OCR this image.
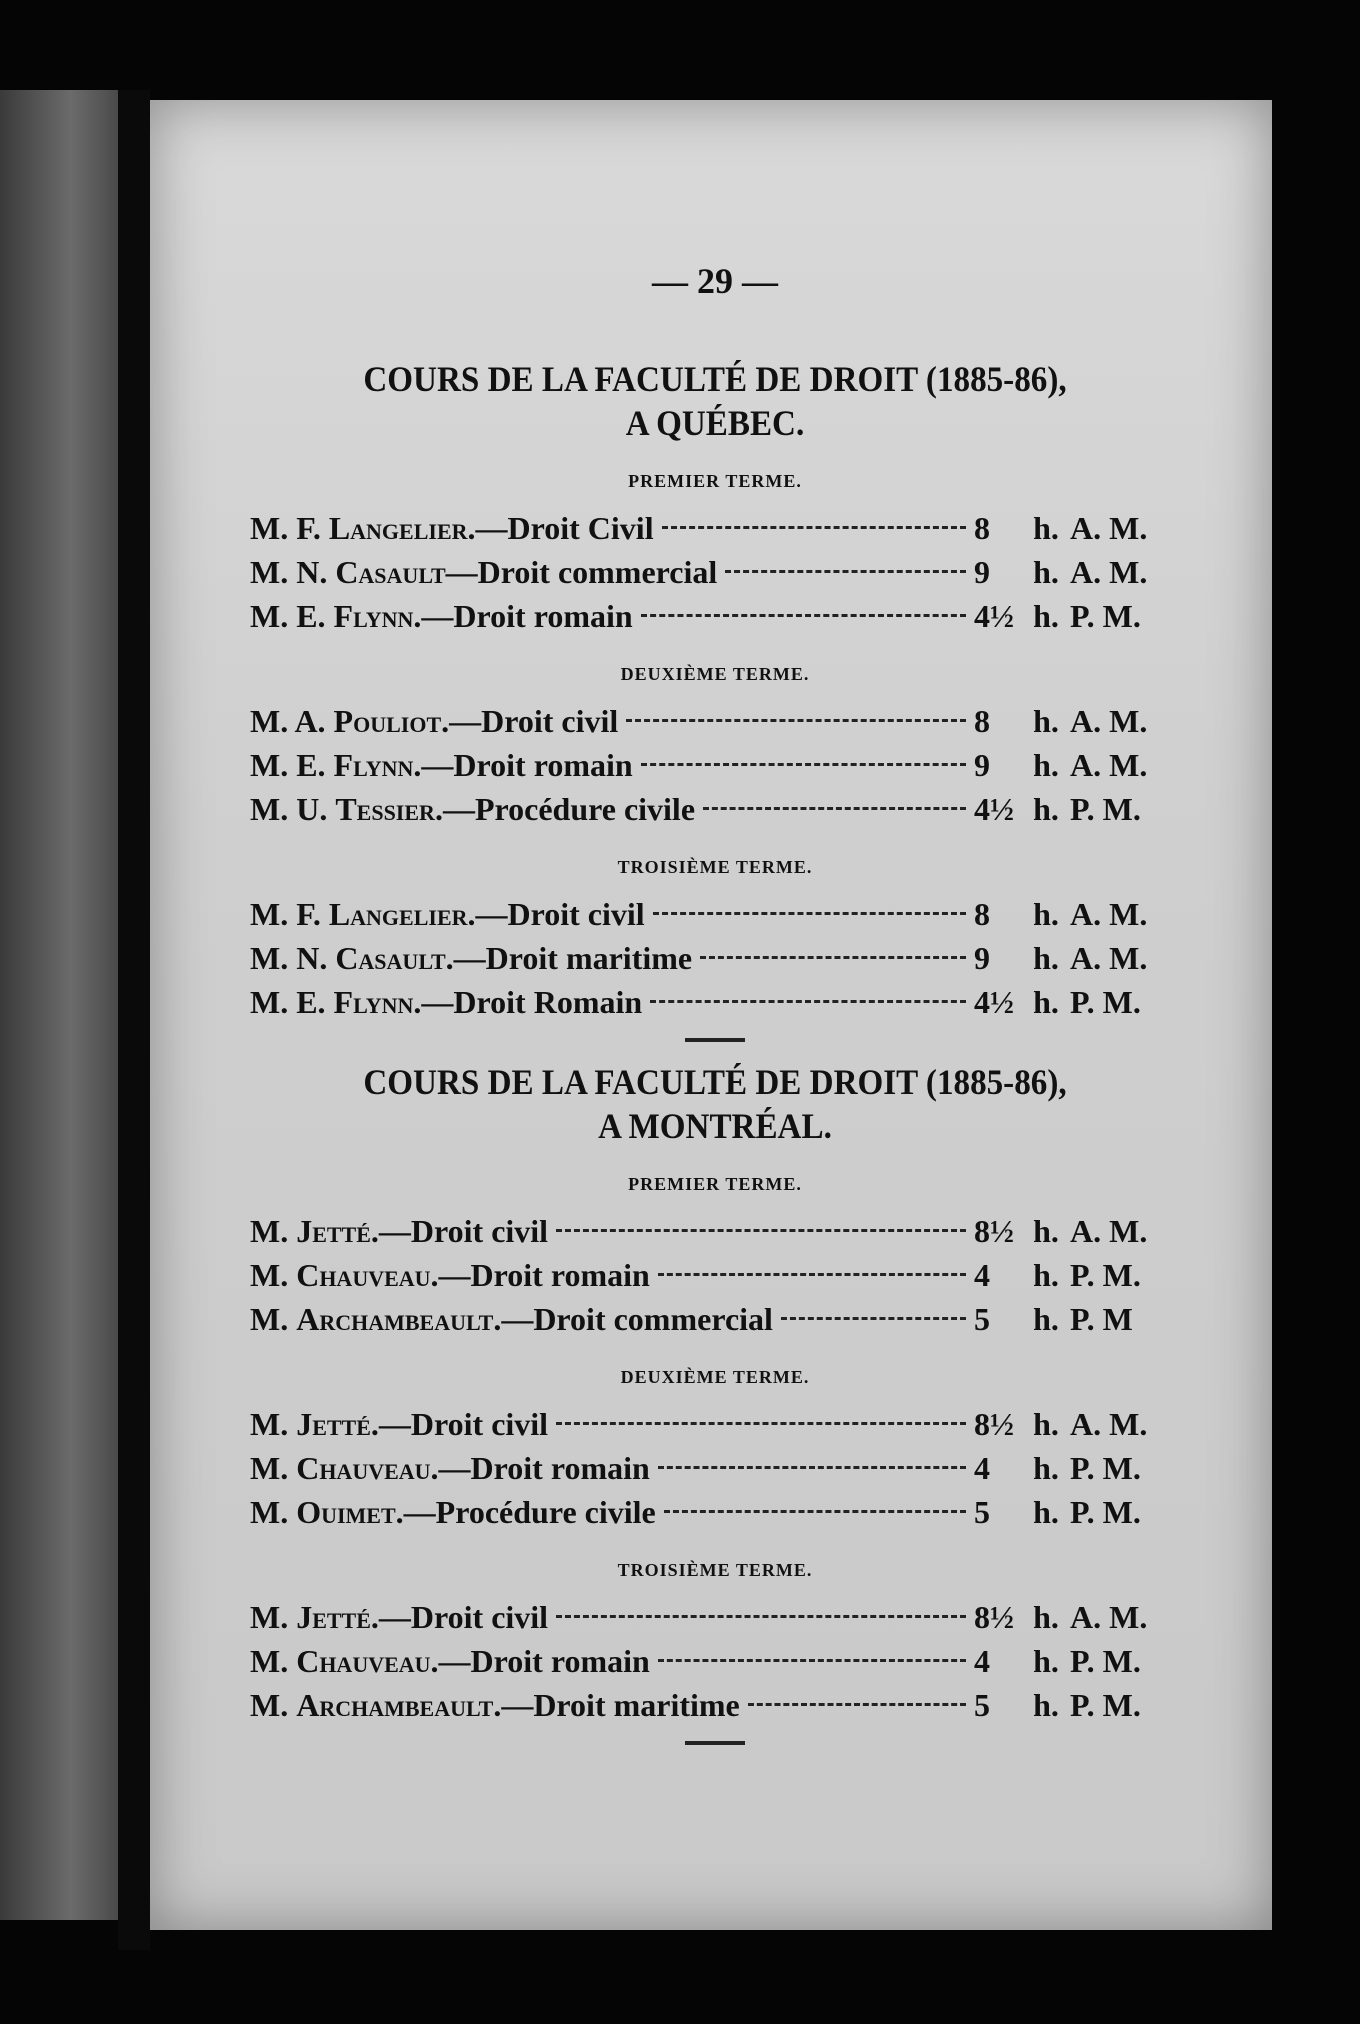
— 29 —
COURS DE LA FACULTÉ DE DROIT (1885-86),
A QUÉBEC.
PREMIER TERME.
M. F. Langelier .—Droit Civil	8	h. A. M.
M. N. Casault —Droit commercial	9	h. A. M.
M. E. Flynn .—Droit romain	4½ h. P. M.
DEUXIÈME TERME.
M. A. Pouliot .—Droit civil	8	h. A. M.
M. E. Flynn .—Droit romain	9	h. A. M.
M. U. Tessier .—Procédure civile	4½ h. P. M.
TROISIÈME TERME.
M. F. Langelier .—Droit civil	8	h. A. M.
M. N. Casault .—Droit maritime	9	h. A. M.
M. E. Flynn .—Droit Romain	4½ h. P. M.
COURS DE LA FACULTÉ DE DROIT (1885-86),
A MONTRÉAL.
PREMIER TERME.
M. Jetté .—Droit civil	8½ h. A. M.
M. Chauveau .—Droit romain	4	h. P. M.
M. Archambeault .—Droit commercial	5	h. P. M
DEUXIÈME TERME.
M. Jetté .—Droit civil	8½ h. A. M.
M. Chauveau .—Droit romain	4	h. P. M.
M. Ouimet .—Procédure civile	5	h. P. M.
TROISIÈME TERME.
M. Jetté .—Droit civil	8½ h. A. M.
M. Chauveau .—Droit romain	4	h. P. M.
M. Archambeault .—Droit maritime	5	h. P. M.
